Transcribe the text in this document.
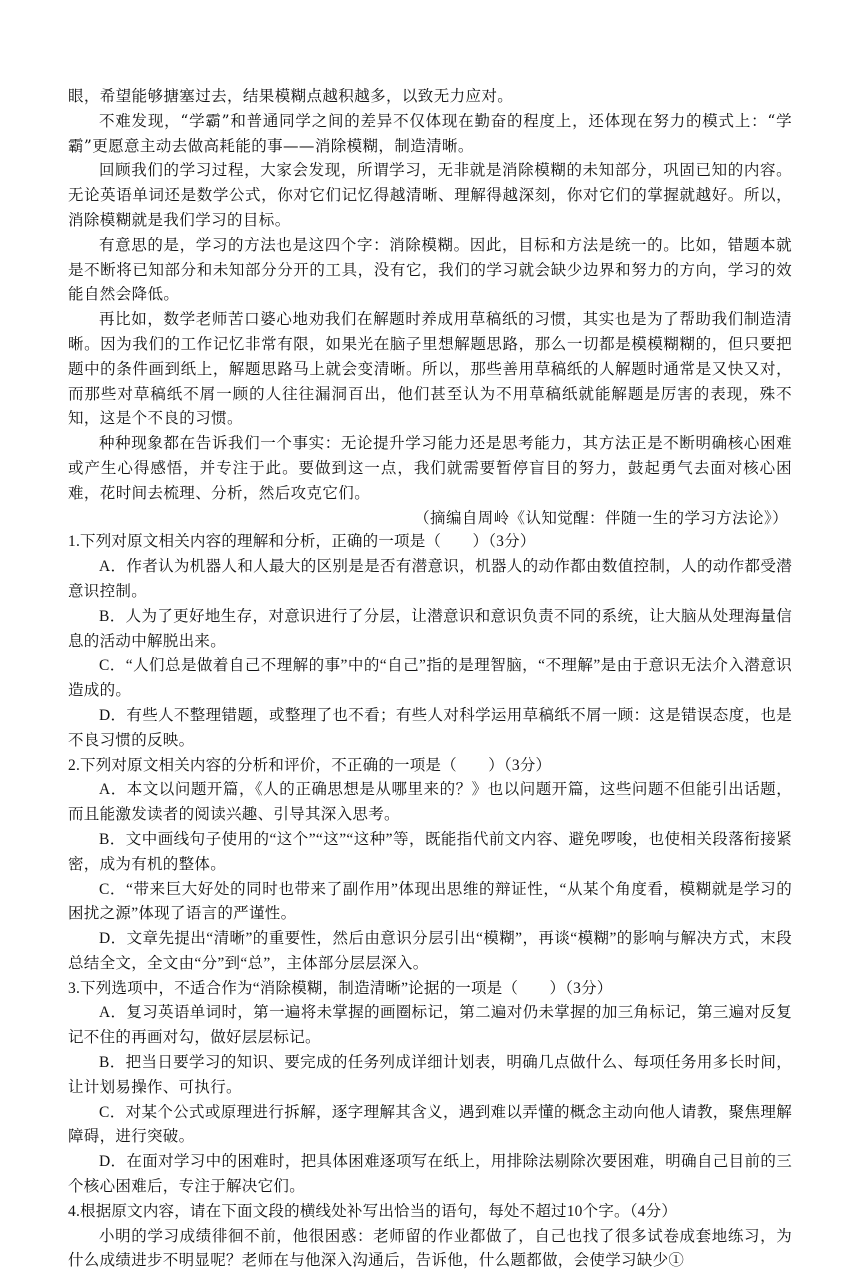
眼，希望能够搪塞过去，结果模糊点越积越多，以致无力应对。

不难发现，“学霸”和普通同学之间的差异不仅体现在勤奋的程度上，还体现在努力的模式上：“学霸”更愿意主动去做高耗能的事——消除模糊，制造清晰。

回顾我们的学习过程，大家会发现，所谓学习，无非就是消除模糊的未知部分，巩固已知的内容。无论英语单词还是数学公式，你对它们记忆得越清晰、理解得越深刻，你对它们的掌握就越好。所以，消除模糊就是我们学习的目标。

有意思的是，学习的方法也是这四个字：消除模糊。因此，目标和方法是统一的。比如，错题本就是不断将已知部分和未知部分分开的工具，没有它，我们的学习就会缺少边界和努力的方向，学习的效能自然会降低。

再比如，数学老师苦口婆心地劝我们在解题时养成用草稿纸的习惯，其实也是为了帮助我们制造清晰。因为我们的工作记忆非常有限，如果光在脑子里想解题思路，那么一切都是模模糊糊的，但只要把题中的条件画到纸上，解题思路马上就会变清晰。所以，那些善用草稿纸的人解题时通常是又快又对，而那些对草稿纸不屑一顾的人往往漏洞百出，他们甚至认为不用草稿纸就能解题是厉害的表现，殊不知，这是个不良的习惯。

种种现象都在告诉我们一个事实：无论提升学习能力还是思考能力，其方法正是不断明确核心困难或产生心得感悟，并专注于此。要做到这一点，我们就需要暂停盲目的努力，鼓起勇气去面对核心困难，花时间去梳理、分析，然后攻克它们。

（摘编自周岭《认知觉醒：伴随一生的学习方法论》）

1.下列对原文相关内容的理解和分析，正确的一项是（　　）（3分）

A．作者认为机器人和人最大的区别是是否有潜意识，机器人的动作都由数值控制，人的动作都受潜意识控制。

B．人为了更好地生存，对意识进行了分层，让潜意识和意识负责不同的系统，让大脑从处理海量信息的活动中解脱出来。

C．“人们总是做着自己不理解的事”中的“自己”指的是理智脑，“不理解”是由于意识无法介入潜意识造成的。

D．有些人不整理错题，或整理了也不看；有些人对科学运用草稿纸不屑一顾：这是错误态度，也是不良习惯的反映。

2.下列对原文相关内容的分析和评价，不正确的一项是（　　）（3分）

A．本文以问题开篇，《人的正确思想是从哪里来的？》也以问题开篇，这些问题不但能引出话题，而且能激发读者的阅读兴趣、引导其深入思考。

B．文中画线句子使用的“这个”“这”“这种”等，既能指代前文内容、避免啰唆，也使相关段落衔接紧密，成为有机的整体。

C．“带来巨大好处的同时也带来了副作用”体现出思维的辩证性，“从某个角度看，模糊就是学习的困扰之源”体现了语言的严谨性。

D．文章先提出“清晰”的重要性，然后由意识分层引出“模糊”，再谈“模糊”的影响与解决方式，末段总结全文，全文由“分”到“总”，主体部分层层深入。

3.下列选项中，不适合作为“消除模糊，制造清晰”论据的一项是（　　）（3分）

A．复习英语单词时，第一遍将未掌握的画圈标记，第二遍对仍未掌握的加三角标记，第三遍对反复记不住的再画对勾，做好层层标记。

B．把当日要学习的知识、要完成的任务列成详细计划表，明确几点做什么、每项任务用多长时间，让计划易操作、可执行。

C．对某个公式或原理进行拆解，逐字理解其含义，遇到难以弄懂的概念主动向他人请教，聚焦理解障碍，进行突破。

D．在面对学习中的困难时，把具体困难逐项写在纸上，用排除法剔除次要困难，明确自己目前的三个核心困难后，专注于解决它们。

4.根据原文内容，请在下面文段的横线处补写出恰当的语句，每处不超过10个字。（4分）

小明的学习成绩徘徊不前，他很困惑：老师留的作业都做了，自己也找了很多试卷成套地练习，为什么成绩进步不明显呢？老师在与他深入沟通后，告诉他，什么题都做，会使学习缺少①
